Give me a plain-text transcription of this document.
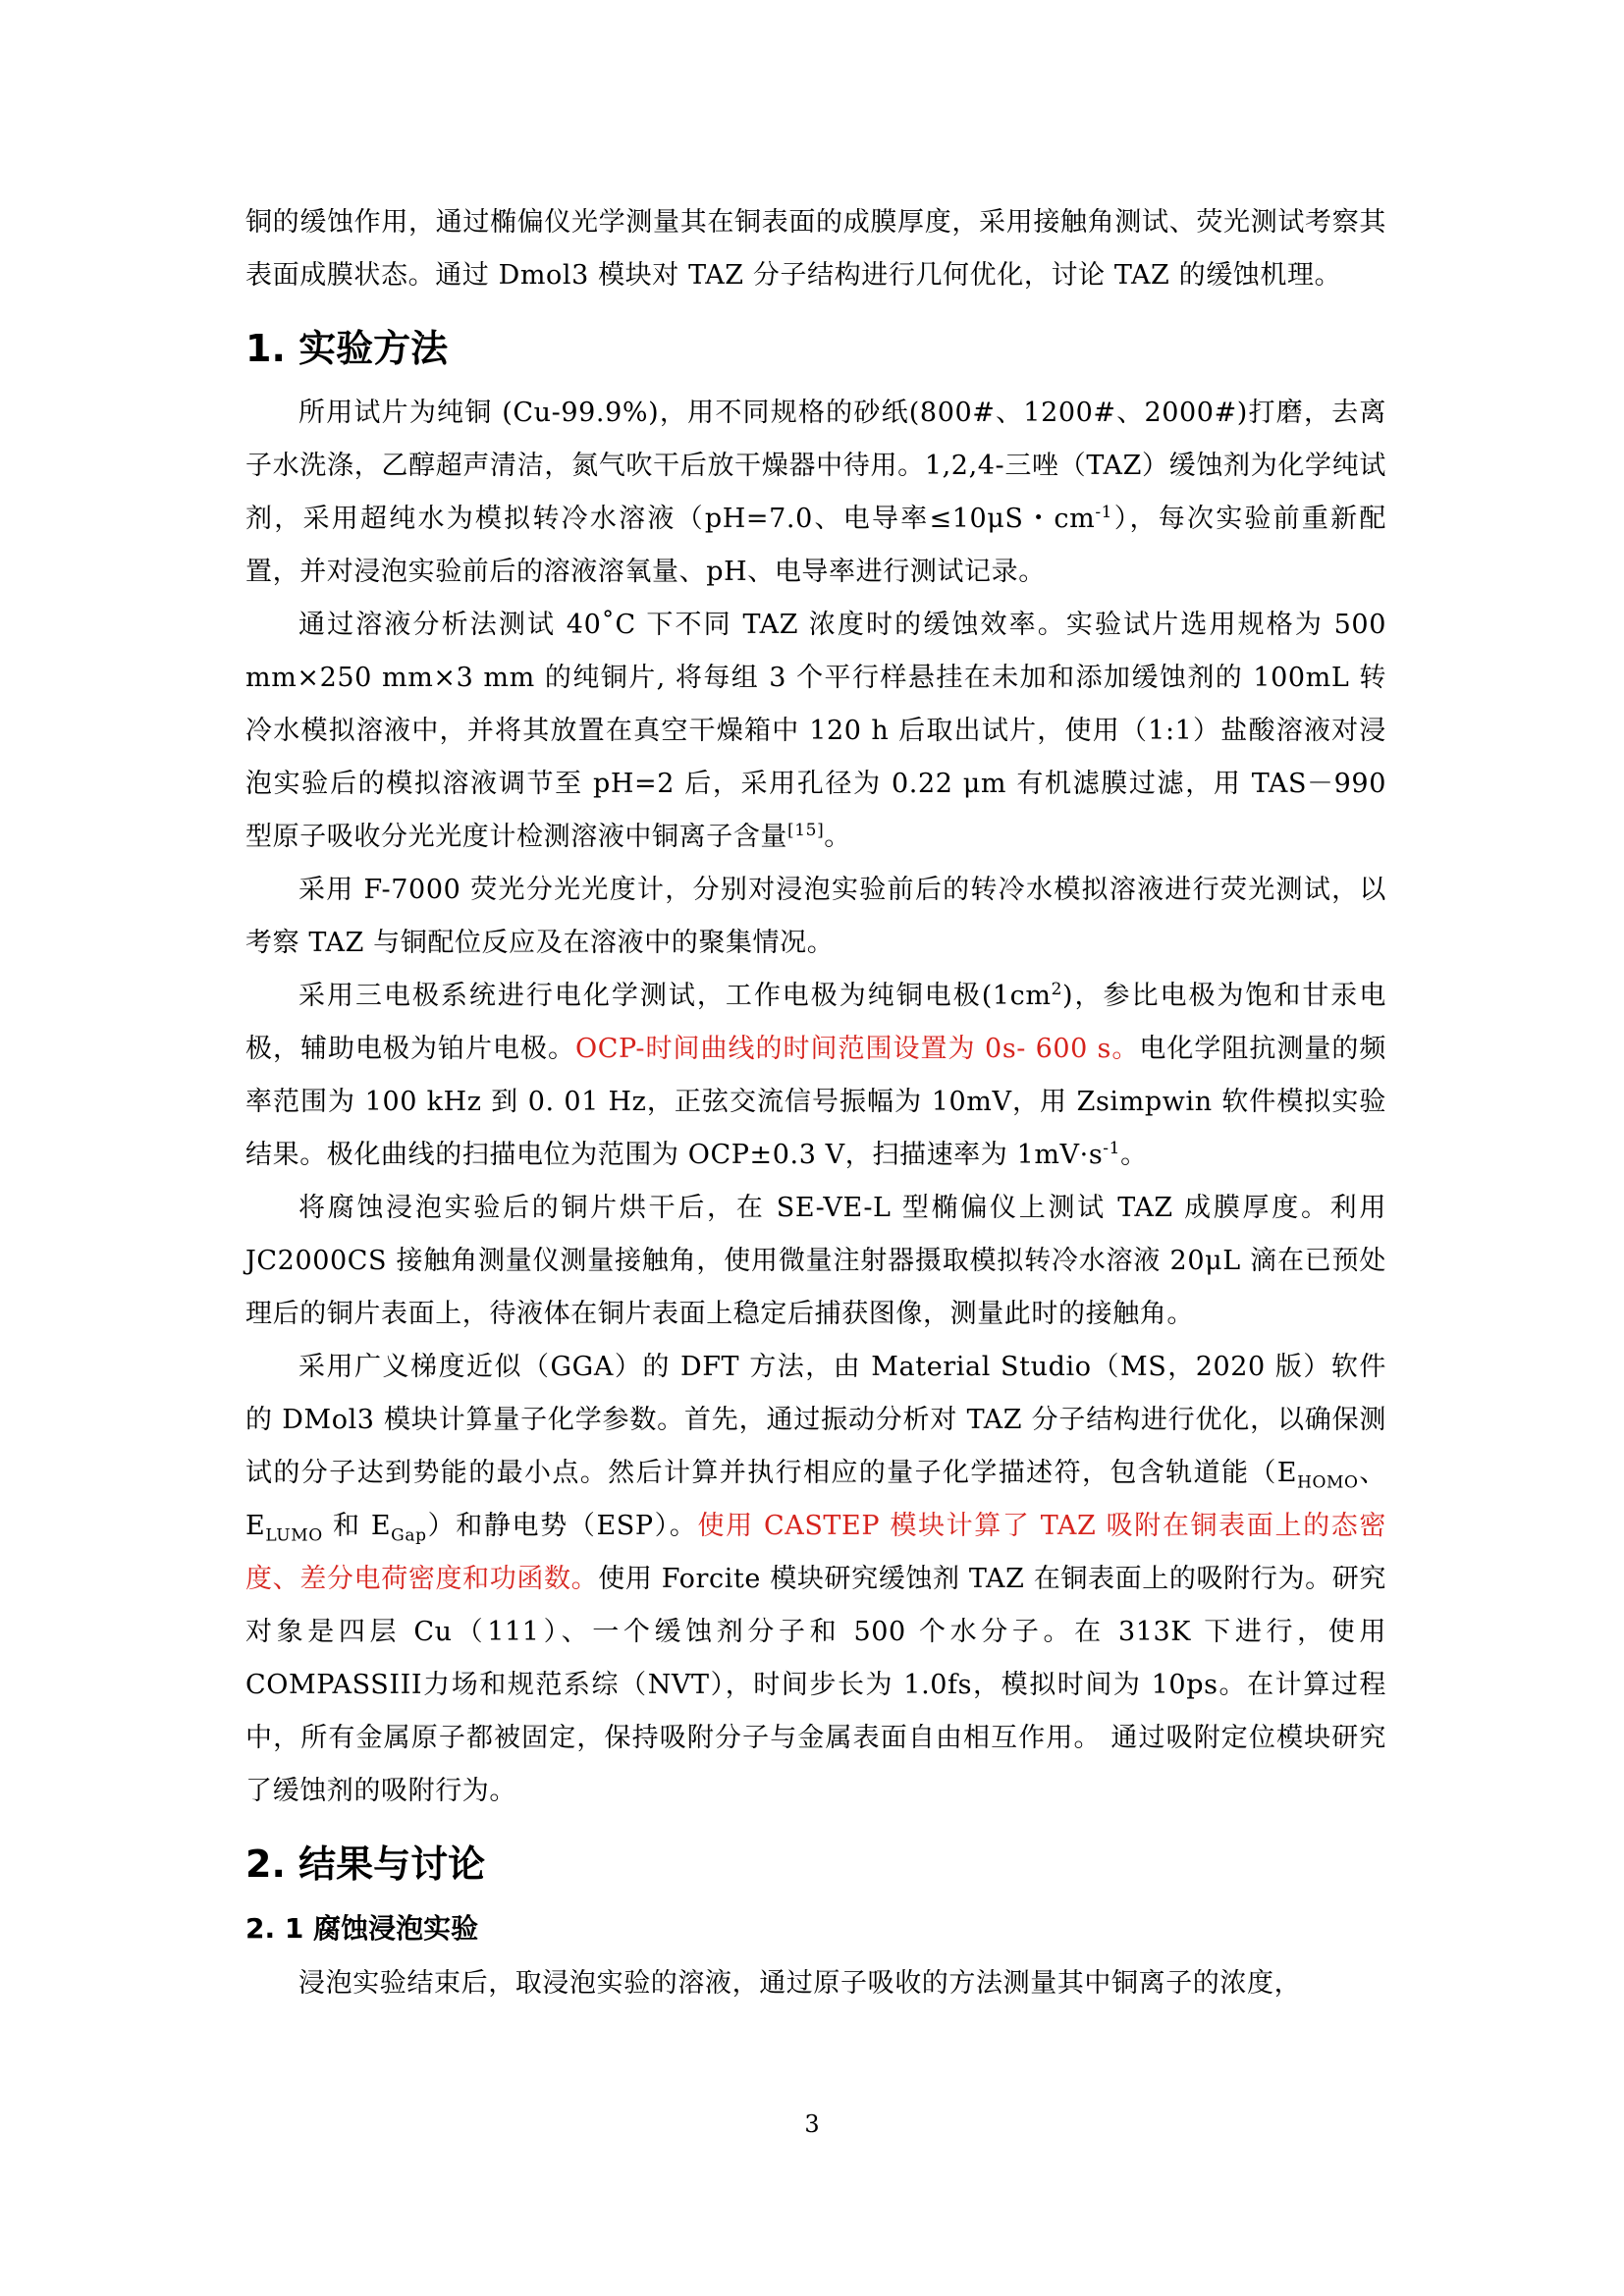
铜的缓蚀作用，通过椭偏仪光学测量其在铜表面的成膜厚度，采用接触角测试、荧光测试考察其表面成膜状态。通过 Dmol3 模块对 TAZ 分子结构进行几何优化，讨论 TAZ 的缓蚀机理。

1. 实验方法

所用试片为纯铜 (Cu-99.9%)，用不同规格的砂纸(800#、1200#、2000#)打磨，去离子水洗涤，乙醇超声清洁，氮气吹干后放干燥器中待用。1,2,4-三唑（TAZ）缓蚀剂为化学纯试剂，采用超纯水为模拟转冷水溶液（pH=7.0、电导率≤10μS・$cm^{-1}$），每次实验前重新配置，并对浸泡实验前后的溶液溶氧量、pH、电导率进行测试记录。

通过溶液分析法测试 40˚C 下不同 TAZ 浓度时的缓蚀效率。实验试片选用规格为 500 mm×250 mm×3 mm 的纯铜片, 将每组 3 个平行样悬挂在未加和添加缓蚀剂的 100mL 转冷水模拟溶液中，并将其放置在真空干燥箱中 120 h 后取出试片，使用（1:1）盐酸溶液对浸泡实验后的模拟溶液调节至 pH=2 后，采用孔径为 0.22 μm 有机滤膜过滤，用 TAS－990 型原子吸收分光光度计检测溶液中铜离子含量[15]。

采用 F-7000 荧光分光光度计，分别对浸泡实验前后的转冷水模拟溶液进行荧光测试，以考察 TAZ 与铜配位反应及在溶液中的聚集情况。

采用三电极系统进行电化学测试，工作电极为纯铜电极$(1cm^2)$，参比电极为饱和甘汞电极，辅助电极为铂片电极。OCP-时间曲线的时间范围设置为 0s- 600 s。电化学阻抗测量的频率范围为 100 kHz 到 0. 01 Hz，正弦交流信号振幅为 10mV，用 Zsimpwin 软件模拟实验结果。极化曲线的扫描电位为范围为 OCP±0.3 V，扫描速率为 $1mV\cdot s^{-1}$。

将腐蚀浸泡实验后的铜片烘干后，在 SE-VE-L 型椭偏仪上测试 TAZ 成膜厚度。利用 JC2000CS 接触角测量仪测量接触角，使用微量注射器摄取模拟转冷水溶液 20μL 滴在已预处理后的铜片表面上，待液体在铜片表面上稳定后捕获图像，测量此时的接触角。

采用广义梯度近似（GGA）的 DFT 方法，由 Material Studio（MS，2020 版）软件的 DMol3 模块计算量子化学参数。首先，通过振动分析对 TAZ 分子结构进行优化，以确保测试的分子达到势能的最小点。然后计算并执行相应的量子化学描述符，包含轨道能（$E_{HOMO}$、$E_{LUMO}$ 和 $E_{Gap}$）和静电势（ESP）。使用 CASTEP 模块计算了 TAZ 吸附在铜表面上的态密度、差分电荷密度和功函数。使用 Forcite 模块研究缓蚀剂 TAZ 在铜表面上的吸附行为。研究对象是四层 Cu（111）、一个缓蚀剂分子和 500 个水分子。在 313K 下进行，使用 COMPASSIII力场和规范系综（NVT），时间步长为 1.0fs，模拟时间为 10ps。在计算过程中，所有金属原子都被固定，保持吸附分子与金属表面自由相互作用。 通过吸附定位模块研究了缓蚀剂的吸附行为。

2. 结果与讨论
2. 1 腐蚀浸泡实验

浸泡实验结束后，取浸泡实验的溶液，通过原子吸收的方法测量其中铜离子的浓度，

3
